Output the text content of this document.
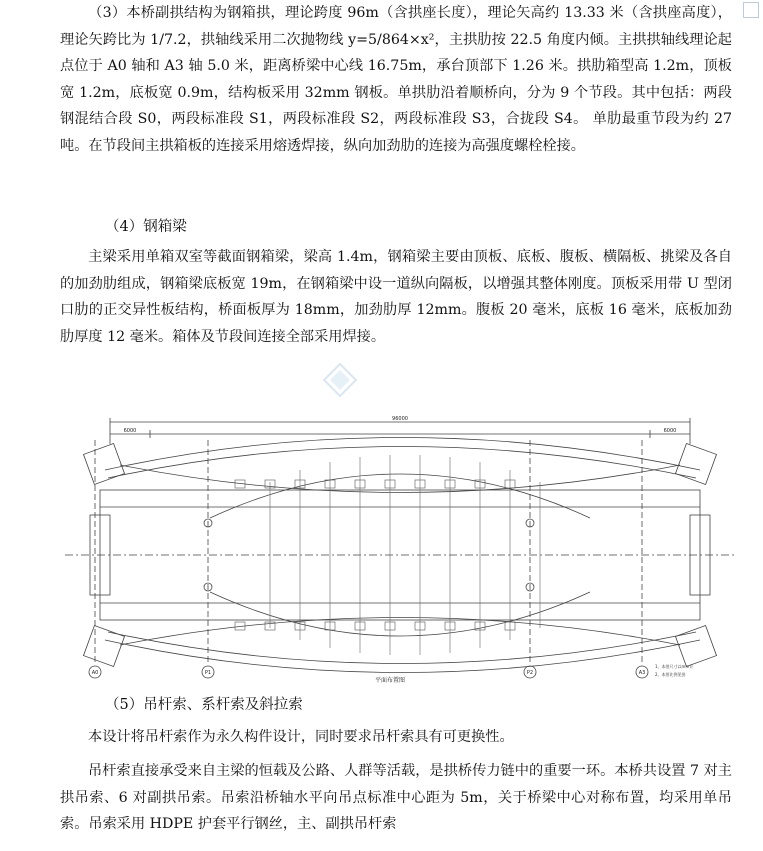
（3）本桥副拱结构为钢箱拱，理论跨度 96m（含拱座长度），理论矢高约 13.33 米（含拱座高度），理论矢跨比为 1/7.2，拱轴线采用二次抛物线 y=5/864×x²，主拱肋按 22.5 角度内倾。主拱拱轴线理论起点位于 A0 轴和 A3 轴 5.0 米，距离桥梁中心线 16.75m，承台顶部下 1.26 米。拱肋箱型高 1.2m，顶板宽 1.2m，底板宽 0.9m，结构板采用 32mm 钢板。单拱肋沿着顺桥向，分为 9 个节段。其中包括：两段钢混结合段 S0，两段标准段 S1，两段标准段 S2，两段标准段 S3，合拢段 S4。 单肋最重节段为约 27 吨。在节段间主拱箱板的连接采用熔透焊接，纵向加劲肋的连接为高强度螺栓栓接。

（4）钢箱梁

主梁采用单箱双室等截面钢箱梁，梁高 1.4m，钢箱梁主要由顶板、底板、腹板、横隔板、挑梁及各自的加劲肋组成，钢箱梁底板宽 19m，在钢箱梁中设一道纵向隔板，以增强其整体刚度。顶板采用带 U 型闭口肋的正交异性板结构，桥面板厚为 18mm，加劲肋厚 12mm。腹板 20 毫米，底板 16 毫米，底板加劲肋厚度 12 毫米。箱体及节段间连接全部采用焊接。

96000
6000	6000
A0	P1	P2	A3
平面布置图
1、本图尺寸以mm计
2、本图比例见图
（5）吊杆索、系杆索及斜拉索

本设计将吊杆索作为永久构件设计，同时要求吊杆索具有可更换性。

吊杆索直接承受来自主梁的恒载及公路、人群等活载，是拱桥传力链中的重要一环。本桥共设置 7 对主拱吊索、6 对副拱吊索。吊索沿桥轴水平向吊点标准中心距为 5m，关于桥梁中心对称布置，均采用单吊索。吊索采用 HDPE 护套平行钢丝，主、副拱吊杆索
